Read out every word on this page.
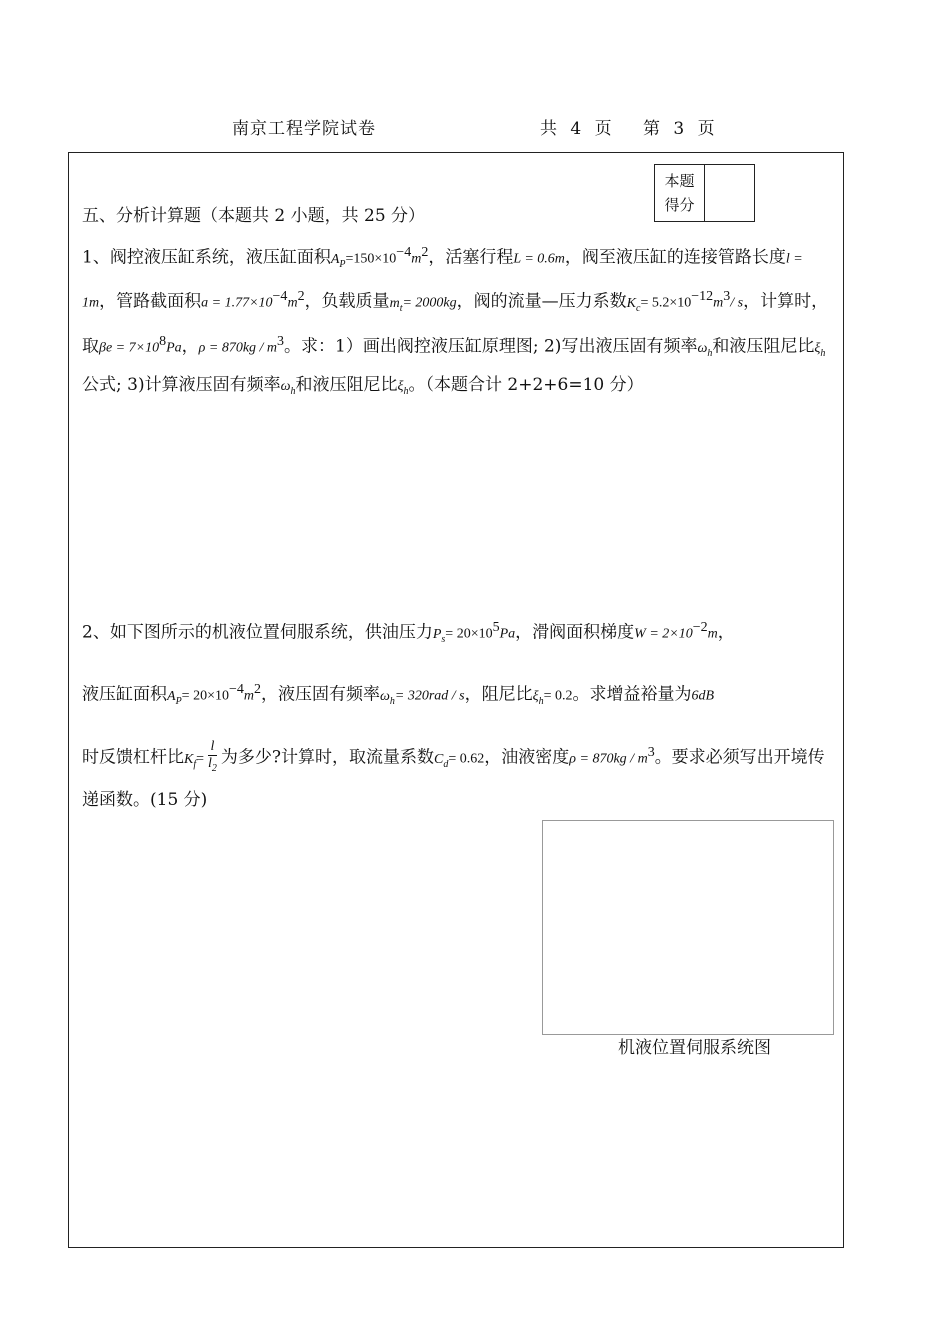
南京工程学院试卷	共 4 页　 第 3 页
本题
得分
五、分析计算题（本题共 2 小题，共 25 分）
1、阀控液压缸系统，液压缸面积$A_P=150\times 10^{-4}m^2$，活塞行程L = 0.6m，阀至液压缸的连接管路长度l = 1m，管路截面积$a = 1.77\times 10^{-4}m^2$，负载质量$m_t= 2000kg$，阀的流量—压力系数$K_c= 5.2\times 10^{-12}m^3/$ s，计算时，取$\beta e = 7\times 10^8Pa$，$\rho = 870kg / m^3$。求：1）画出阀控液压缸原理图; 2)写出液压固有频率$\omega_h$和液压阻尼比$\xi_h$公式; 3)计算液压固有频率$\omega_h$和液压阻尼比$\xi_h$。（本题合计 2+2+6=10 分）
2、如下图所示的机液位置伺服系统，供油压力$P_s= 20\times 10^5Pa$，滑阀面积梯度$W = 2\times 10^{-2}m$，
液压缸面积$A_P= 20\times 10^{-4}m^2$，液压固有频率$\omega_h= 320rad / s$，阻尼比$\xi_h= 0.2$。求增益裕量为6dB
时反馈杠杆比$K_f= \frac{l}{l_2}$ 为多少?计算时，取流量系数$C_d= 0.62$，油液密度$\rho = 870kg / m^3$。要求必须写出开境传递函数。(15 分)
机液位置伺服系统图
